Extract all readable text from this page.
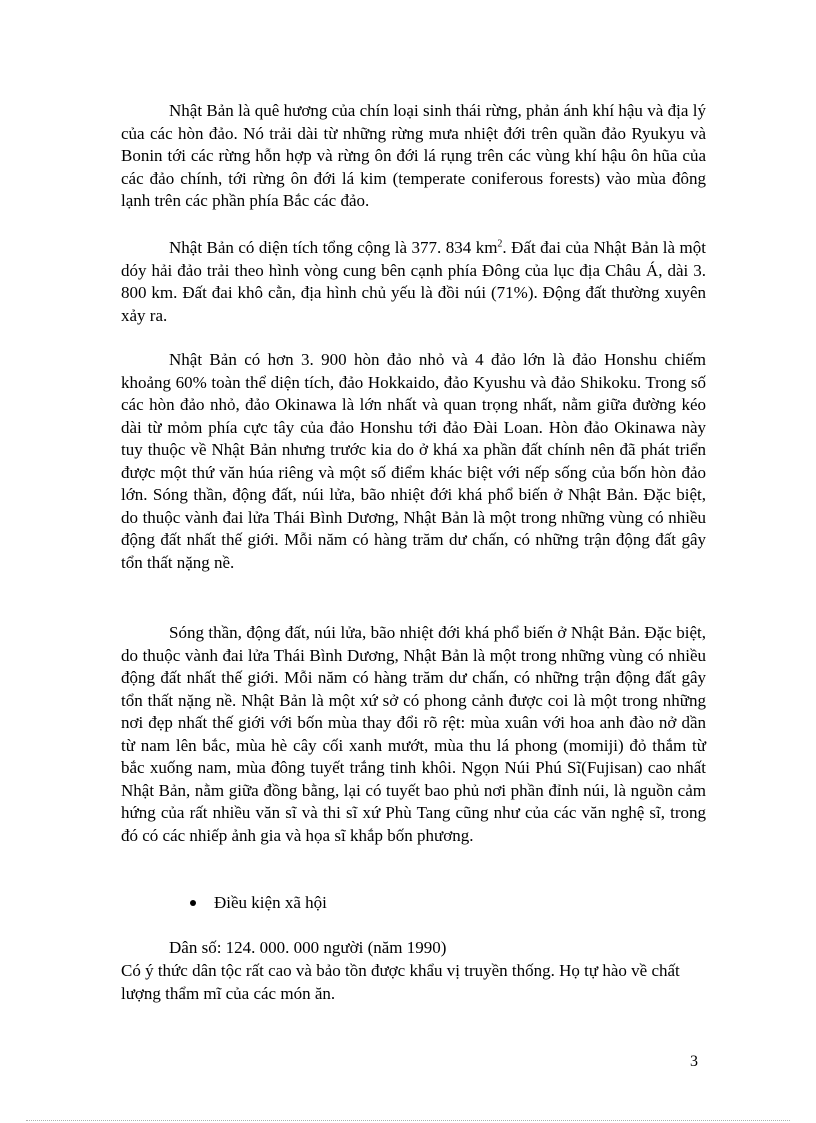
Nhật Bản là quê hương của chín loại sinh thái rừng, phản ánh khí hậu và địa lý của các hòn đảo. Nó trải dài từ những rừng mưa nhiệt đới trên quần đảo Ryukyu và Bonin tới các rừng hỗn hợp và rừng ôn đới lá rụng trên các vùng khí hậu ôn hũa của các đảo chính, tới rừng ôn đới lá kim (temperate coniferous forests) vào mùa đông lạnh trên các phần phía Bắc các đảo.

Nhật Bản có diện tích tổng cộng là 377. 834 $km^2$. Đất đai của Nhật Bản là một dóy hải đảo trải theo hình vòng cung bên cạnh phía Đông của lục địa Châu Á, dài 3. 800 km. Đất đai khô cằn, địa hình chủ yếu là đồi núi (71%). Động đất thường xuyên xảy ra.

Nhật Bản có hơn 3. 900 hòn đảo nhỏ và 4 đảo lớn là đảo Honshu chiếm khoảng 60% toàn thể diện tích, đảo Hokkaido, đảo Kyushu và đảo Shikoku. Trong số các hòn đảo nhỏ, đảo Okinawa là lớn nhất và quan trọng nhất, nằm giữa đường kéo dài từ mỏm phía cực tây của đảo Honshu tới đảo Đài Loan. Hòn đảo Okinawa này tuy thuộc về Nhật Bản nhưng trước kia do ở khá xa phần đất chính nên đã phát triển được một thứ văn húa riêng và một số điểm khác biệt với nếp sống của bốn hòn đảo lớn. Sóng thần, động đất, núi lửa, bão nhiệt đới khá phổ biến ở Nhật Bản. Đặc biệt, do thuộc vành đai lửa Thái Bình Dương, Nhật Bản là một trong những vùng có nhiều động đất nhất thế giới. Mỗi năm có hàng trăm dư chấn, có những trận động đất gây tổn thất nặng nề.

Sóng thần, động đất, núi lửa, bão nhiệt đới khá phổ biến ở Nhật Bản. Đặc biệt, do thuộc vành đai lửa Thái Bình Dương, Nhật Bản là một trong những vùng có nhiều động đất nhất thế giới. Mỗi năm có hàng trăm dư chấn, có những trận động đất gây tổn thất nặng nề. Nhật Bản là một xứ sở có phong cảnh được coi là một trong những nơi đẹp nhất thế giới với bốn mùa thay đổi rõ rệt: mùa xuân với hoa anh đào nở dần từ nam lên bắc, mùa hè cây cối xanh mướt, mùa thu lá phong (momiji) đỏ thắm từ bắc xuống nam, mùa đông tuyết trắng tinh khôi. Ngọn Núi Phú Sĩ(Fujisan) cao nhất Nhật Bản, nằm giữa đồng bằng, lại có tuyết bao phủ nơi phần đỉnh núi, là nguồn cảm hứng của rất nhiều văn sĩ và thi sĩ xứ Phù Tang cũng như của các văn nghệ sĩ, trong đó có các nhiếp ảnh gia và họa sĩ khắp bốn phương.

Điều kiện xã hội
Dân số: 124. 000. 000 người (năm 1990)

Có ý thức dân tộc rất cao và bảo tồn được khẩu vị truyền thống. Họ tự hào về chất lượng thẩm mĩ của các món ăn.

3
